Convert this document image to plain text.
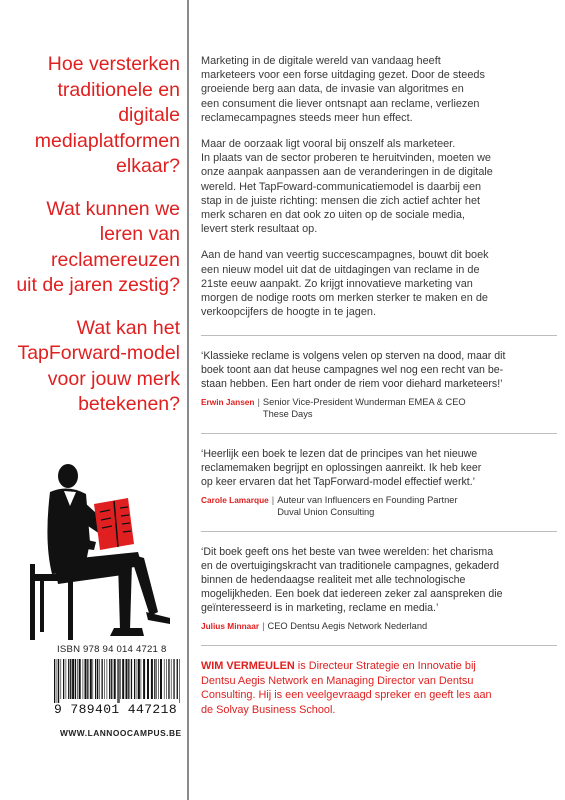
Hoe versterken
traditionele en
digitale
mediaplatformen
elkaar?
Wat kunnen we
leren van
reclamereuzen
uit de jaren zestig?
Wat kan het
TapForward-model
voor jouw merk
betekenen?
ISBN 978 94 014 4721 8
9 789401 447218
WWW.LANNOOCAMPUS.BE
Marketing in de digitale wereld van vandaag heeft
marketeers voor een forse uitdaging gezet. Door de steeds
groeiende berg aan data, de invasie van algoritmes en
een consument die liever ontsnapt aan reclame, verliezen
reclamecampagnes steeds meer hun effect.
Maar de oorzaak ligt vooral bij onszelf als marketeer.
In plaats van de sector proberen te heruitvinden, moeten we
onze aanpak aanpassen aan de veranderingen in de digitale
wereld. Het TapFoward-communicatiemodel is daarbij een
stap in de juiste richting: mensen die zich actief achter het
merk scharen en dat ook zo uiten op de sociale media,
levert sterk resultaat op.
Aan de hand van veertig succescampagnes, bouwt dit boek
een nieuw model uit dat de uitdagingen van reclame in de
21ste eeuw aanpakt. Zo krijgt innovatieve marketing van
morgen de nodige roots om merken sterker te maken en de
verkoopcijfers de hoogte in te jagen.
‘Klassieke reclame is volgens velen op sterven na dood, maar dit
boek toont aan dat heuse campagnes wel nog een recht van be-
staan hebben. Een hart onder de riem voor diehard marketeers!’
Erwin Jansen | Senior Vice-President Wunderman EMEA & CEO
These Days
‘Heerlijk een boek te lezen dat de principes van het nieuwe
reclamemaken begrijpt en oplossingen aanreikt. Ik heb keer
op keer ervaren dat het TapForward-model effectief werkt.’
Carole Lamarque | Auteur van Influencers en Founding Partner
Duval Union Consulting
‘Dit boek geeft ons het beste van twee werelden: het charisma
en de overtuigingskracht van traditionele campagnes, gekaderd
binnen de hedendaagse realiteit met alle technologische
mogelijkheden. Een boek dat iedereen zeker zal aanspreken die
geïnteresseerd is in marketing, reclame en media.’
Julius Minnaar | CEO Dentsu Aegis Network Nederland
WIM VERMEULEN is Directeur Strategie en Innovatie bij
Dentsu Aegis Network en Managing Director van Dentsu
Consulting. Hij is een veelgevraagd spreker en geeft les aan
de Solvay Business School.
